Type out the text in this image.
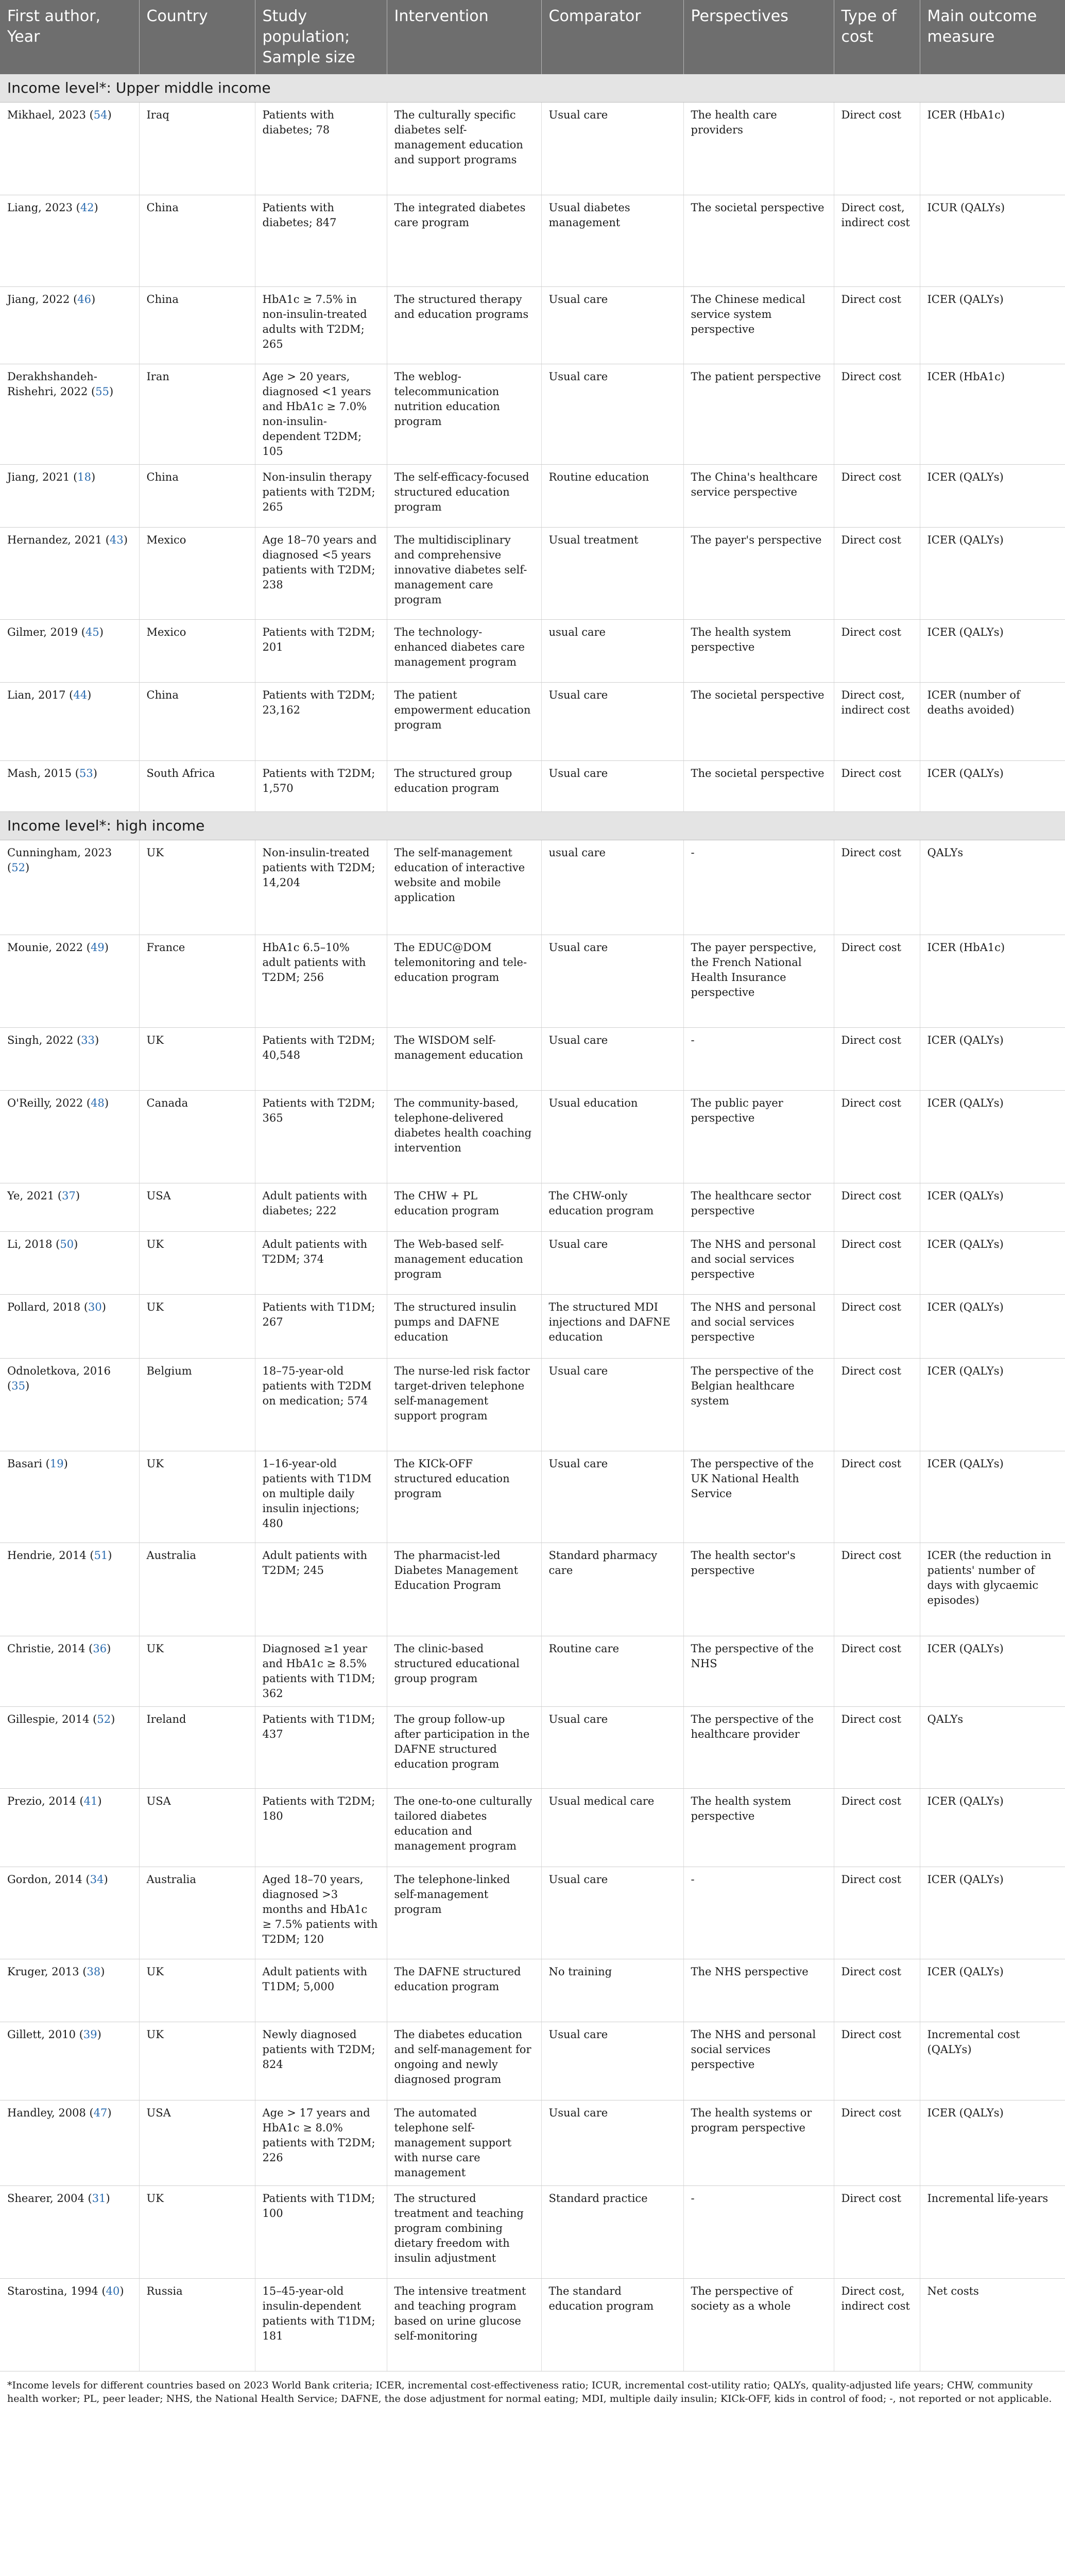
First author, Year	Country	Study population; Sample size	Intervention	Comparator	Perspectives	Type of cost	Main outcome measure
Income level*: Upper middle income							
Mikhael, 2023 (54)	Iraq	Patients with diabetes; 78	The culturally specific diabetes self-management education and support programs	Usual care	The health care providers	Direct cost	ICER (HbA1c)
Liang, 2023 (42)	China	Patients with diabetes; 847	The integrated diabetes care program	Usual diabetes management	The societal perspective	Direct cost, indirect cost	ICUR (QALYs)
Jiang, 2022 (46)	China	HbA1c ≥ 7.5% in non-insulin-treated adults with T2DM; 265	The structured therapy and education programs	Usual care	The Chinese medical service system perspective	Direct cost	ICER (QALYs)
Derakhshandeh-Rishehri, 2022 (55)	Iran	Age > 20 years, diagnosed <1 years and HbA1c ≥ 7.0% non-insulin-dependent T2DM; 105	The weblog-telecommunication nutrition education program	Usual care	The patient perspective	Direct cost	ICER (HbA1c)
Jiang, 2021 (18)	China	Non-insulin therapy patients with T2DM; 265	The self-efficacy-focused structured education program	Routine education	The China's healthcare service perspective	Direct cost	ICER (QALYs)
Hernandez, 2021 (43)	Mexico	Age 18–70 years and diagnosed <5 years patients with T2DM; 238	The multidisciplinary and comprehensive innovative diabetes self-management care program	Usual treatment	The payer's perspective	Direct cost	ICER (QALYs)
Gilmer, 2019 (45)	Mexico	Patients with T2DM; 201	The technology-enhanced diabetes care management program	usual care	The health system perspective	Direct cost	ICER (QALYs)
Lian, 2017 (44)	China	Patients with T2DM; 23,162	The patient empowerment education program	Usual care	The societal perspective	Direct cost, indirect cost	ICER (number of deaths avoided)
Mash, 2015 (53)	South Africa	Patients with T2DM; 1,570	The structured group education program	Usual care	The societal perspective	Direct cost	ICER (QALYs)
Income level*: high income							
Cunningham, 2023 (52)	UK	Non-insulin-treated patients with T2DM; 14,204	The self-management education of interactive website and mobile application	usual care	-	Direct cost	QALYs
Mounie, 2022 (49)	France	HbA1c 6.5–10% adult patients with T2DM; 256	The EDUC@DOM telemonitoring and tele-education program	Usual care	The payer perspective, the French National Health Insurance perspective	Direct cost	ICER (HbA1c)
Singh, 2022 (33)	UK	Patients with T2DM; 40,548	The WISDOM self-management education	Usual care	-	Direct cost	ICER (QALYs)
O'Reilly, 2022 (48)	Canada	Patients with T2DM; 365	The community-based, telephone-delivered diabetes health coaching intervention	Usual education	The public payer perspective	Direct cost	ICER (QALYs)
Ye, 2021 (37)	USA	Adult patients with diabetes; 222	The CHW + PL education program	The CHW-only education program	The healthcare sector perspective	Direct cost	ICER (QALYs)
Li, 2018 (50)	UK	Adult patients with T2DM; 374	The Web-based self-management education program	Usual care	The NHS and personal and social services perspective	Direct cost	ICER (QALYs)
Pollard, 2018 (30)	UK	Patients with T1DM; 267	The structured insulin pumps and DAFNE education	The structured MDI injections and DAFNE education	The NHS and personal and social services perspective	Direct cost	ICER (QALYs)
Odnoletkova, 2016 (35)	Belgium	18–75-year-old patients with T2DM on medication; 574	The nurse-led risk factor target-driven telephone self-management support program	Usual care	The perspective of the Belgian healthcare system	Direct cost	ICER (QALYs)
Basari (19)	UK	1–16-year-old patients with T1DM on multiple daily insulin injections; 480	The KICk-OFF structured education program	Usual care	The perspective of the UK National Health Service	Direct cost	ICER (QALYs)
Hendrie, 2014 (51)	Australia	Adult patients with T2DM; 245	The pharmacist-led Diabetes Management Education Program	Standard pharmacy care	The health sector's perspective	Direct cost	ICER (the reduction in patients' number of days with glycaemic episodes)
Christie, 2014 (36)	UK	Diagnosed ≥1 year and HbA1c ≥ 8.5% patients with T1DM; 362	The clinic-based structured educational group program	Routine care	The perspective of the NHS	Direct cost	ICER (QALYs)
Gillespie, 2014 (52)	Ireland	Patients with T1DM; 437	The group follow-up after participation in the DAFNE structured education program	Usual care	The perspective of the healthcare provider	Direct cost	QALYs
Prezio, 2014 (41)	USA	Patients with T2DM; 180	The one-to-one culturally tailored diabetes education and management program	Usual medical care	The health system perspective	Direct cost	ICER (QALYs)
Gordon, 2014 (34)	Australia	Aged 18–70 years, diagnosed >3 months and HbA1c ≥ 7.5% patients with T2DM; 120	The telephone-linked self-management program	Usual care	-	Direct cost	ICER (QALYs)
Kruger, 2013 (38)	UK	Adult patients with T1DM; 5,000	The DAFNE structured education program	No training	The NHS perspective	Direct cost	ICER (QALYs)
Gillett, 2010 (39)	UK	Newly diagnosed patients with T2DM; 824	The diabetes education and self-management for ongoing and newly diagnosed program	Usual care	The NHS and personal social services perspective	Direct cost	Incremental cost (QALYs)
Handley, 2008 (47)	USA	Age > 17 years and HbA1c ≥ 8.0% patients with T2DM; 226	The automated telephone self-management support with nurse care management	Usual care	The health systems or program perspective	Direct cost	ICER (QALYs)
Shearer, 2004 (31)	UK	Patients with T1DM; 100	The structured treatment and teaching program combining dietary freedom with insulin adjustment	Standard practice	-	Direct cost	Incremental life-years
Starostina, 1994 (40)	Russia	15–45-year-old insulin-dependent patients with T1DM; 181	The intensive treatment and teaching program based on urine glucose self-monitoring	The standard education program	The perspective of society as a whole	Direct cost, indirect cost	Net costs
*Income levels for different countries based on 2023 World Bank criteria; ICER, incremental cost-effectiveness ratio; ICUR, incremental cost-utility ratio; QALYs, quality-adjusted life years; CHW, community health worker; PL, peer leader; NHS, the National Health Service; DAFNE, the dose adjustment for normal eating; MDI, multiple daily insulin; KICk-OFF, kids in control of food; -, not reported or not applicable.
